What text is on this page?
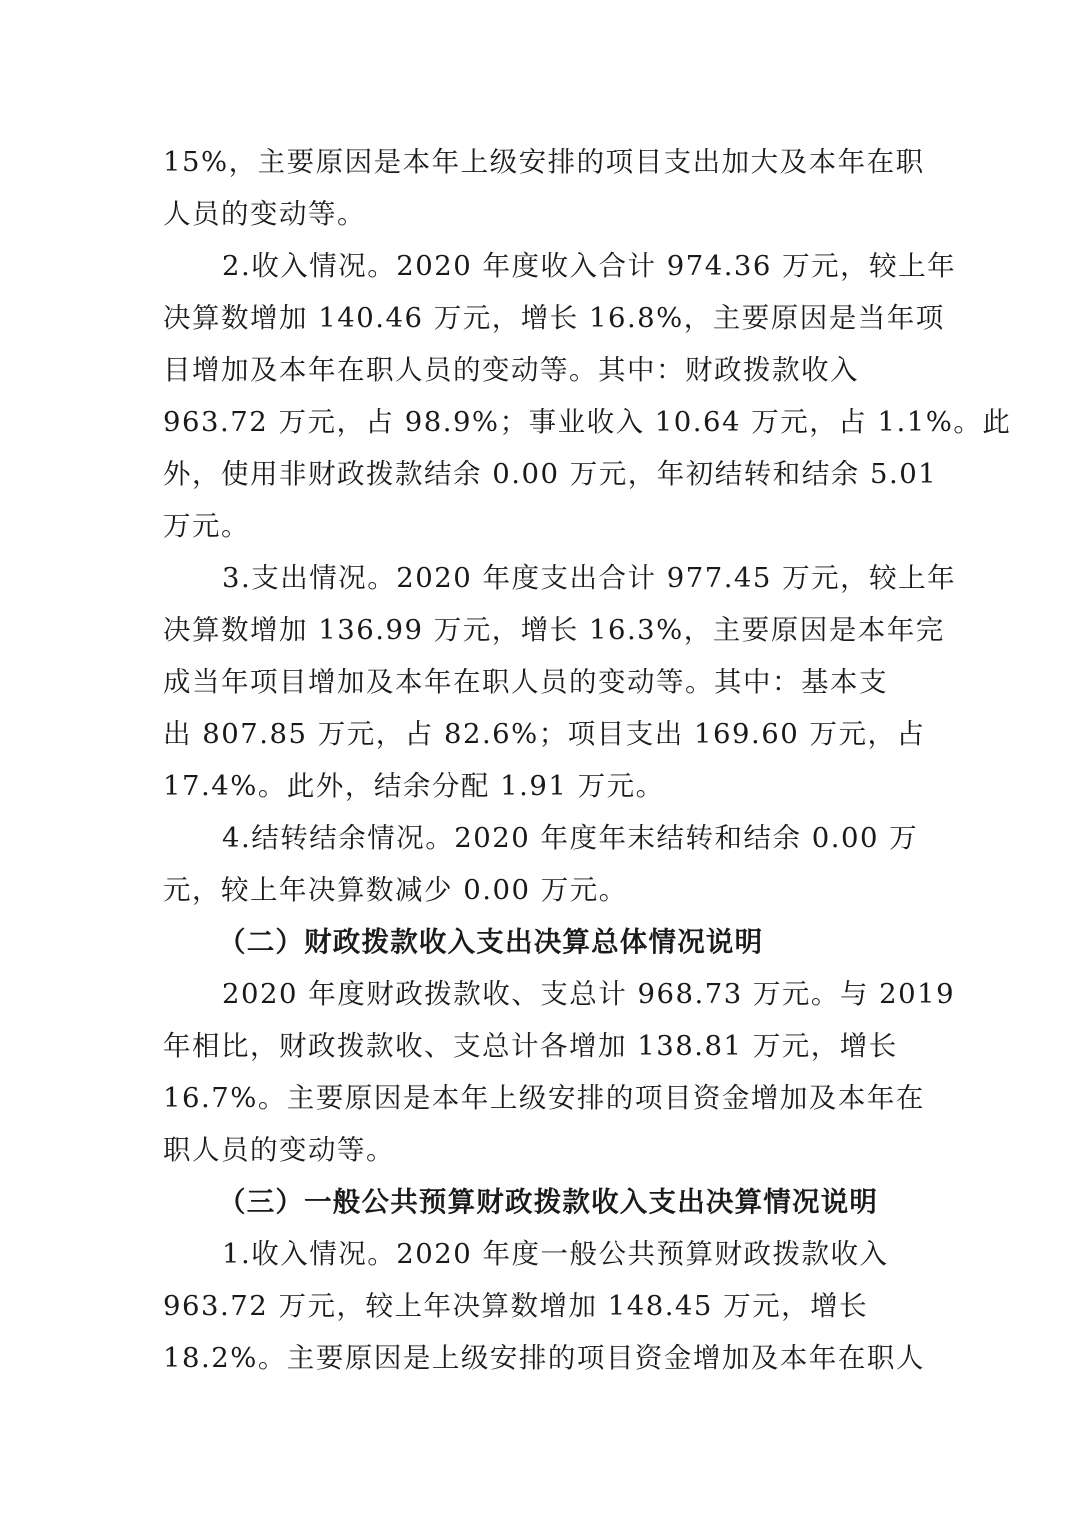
15%，主要原因是本年上级安排的项目支出加大及本年在职
人员的变动等。
2.收入情况。2020 年度收入合计 974.36 万元，较上年
决算数增加 140.46 万元，增长 16.8%，主要原因是当年项
目增加及本年在职人员的变动等。其中：财政拨款收入
963.72 万元，占 98.9%；事业收入 10.64 万元，占 1.1%。此
外，使用非财政拨款结余 0.00 万元，年初结转和结余 5.01
万元。
3.支出情况。2020 年度支出合计 977.45 万元，较上年
决算数增加 136.99 万元，增长 16.3%，主要原因是本年完
成当年项目增加及本年在职人员的变动等。其中：基本支
出 807.85 万元，占 82.6%；项目支出 169.60 万元，占
17.4%。此外，结余分配 1.91 万元。
4.结转结余情况。2020 年度年末结转和结余 0.00 万
元，较上年决算数减少 0.00 万元。
（二）财政拨款收入支出决算总体情况说明
2020 年度财政拨款收、支总计 968.73 万元。与 2019
年相比，财政拨款收、支总计各增加 138.81 万元，增长
16.7%。主要原因是本年上级安排的项目资金增加及本年在
职人员的变动等。
（三）一般公共预算财政拨款收入支出决算情况说明
1.收入情况。2020 年度一般公共预算财政拨款收入
963.72 万元，较上年决算数增加 148.45 万元，增长
18.2%。主要原因是上级安排的项目资金增加及本年在职人
